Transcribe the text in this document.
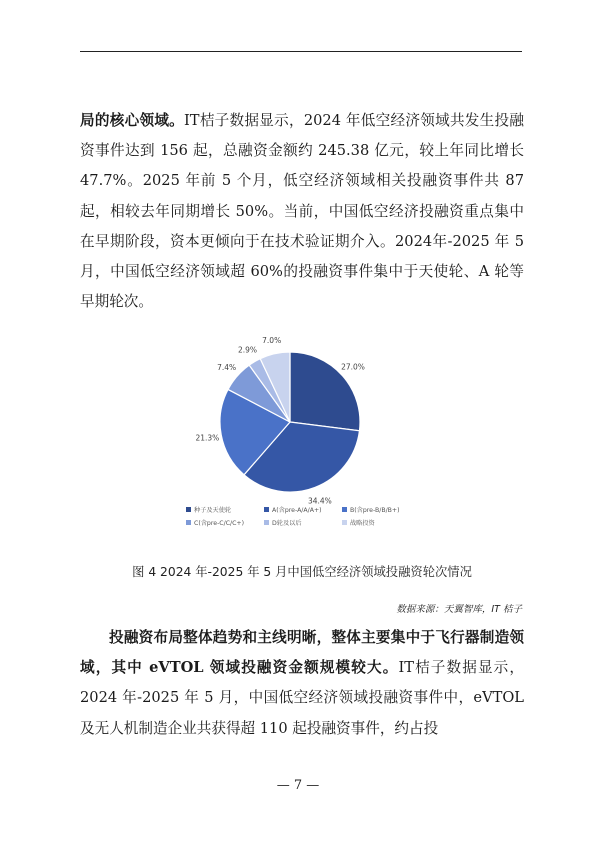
局的核心领域。IT桔子数据显示，2024 年低空经济领域共发生投融资事件达到 156 起，总融资金额约 245.38 亿元，较上年同比增长 47.7%。2025 年前 5 个月，低空经济领域相关投融资事件共 87 起，相较去年同期增长 50%。当前，中国低空经济投融资重点集中在早期阶段，资本更倾向于在技术验证期介入。2024年-2025 年 5 月，中国低空经济领域超 60%的投融资事件集中于天使轮、A 轮等早期轮次。

27.0%
34.4%
21.3%
7.4%
2.9%
7.0%
种子及天使轮	A(含pre-A/A/A+)	B(含pre-B/B/B+)
C(含pre-C/C/C+)	D轮及以后	战略投资
图 4 2024 年-2025 年 5 月中国低空经济领域投融资轮次情况
数据来源：天翼智库，IT 桔子

投融资布局整体趋势和主线明晰，整体主要集中于飞行器制造领域，其中 eVTOL 领域投融资金额规模较大。IT桔子数据显示，2024 年-2025 年 5 月，中国低空经济领域投融资事件中，eVTOL 及无人机制造企业共获得超 110 起投融资事件，约占投

— 7 —
